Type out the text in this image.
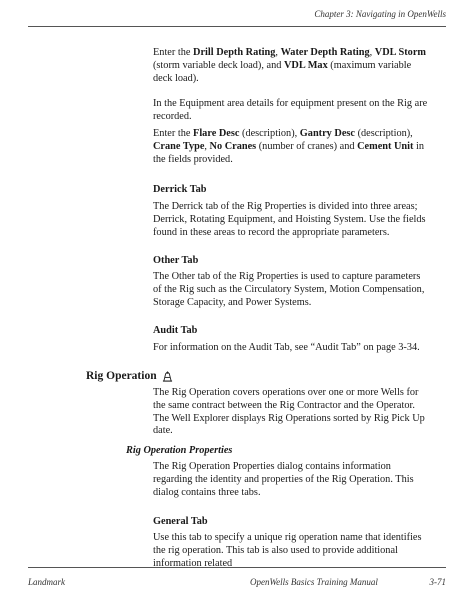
Chapter 3: Navigating in OpenWells

Enter the Drill Depth Rating, Water Depth Rating, VDL Storm (storm variable deck load), and VDL Max (maximum variable deck load).

In the Equipment area details for equipment present on the Rig are recorded.

Enter the Flare Desc (description), Gantry Desc (description), Crane Type, No Cranes (number of cranes) and Cement Unit in the fields provided.

Derrick Tab

The Derrick tab of the Rig Properties is divided into three areas; Derrick, Rotating Equipment, and Hoisting System. Use the fields found in these areas to record the appropriate parameters.

Other Tab

The Other tab of the Rig Properties is used to capture parameters of the Rig such as the Circulatory System, Motion Compensation, Storage Capacity, and Power Systems.

Audit Tab

For information on the Audit Tab, see “Audit Tab” on page 3-34.

Rig Operation

The Rig Operation covers operations over one or more Wells for the same contract between the Rig Contractor and the Operator. The Well Explorer displays Rig Operations sorted by Rig Pick Up date.

Rig Operation Properties

The Rig Operation Properties dialog contains information regarding the identity and properties of the Rig Operation. This dialog contains three tabs.

General Tab

Use this tab to specify a unique rig operation name that identifies the rig operation. This tab is also used to provide additional information related

Landmark	OpenWells Basics Training Manual	3-71
